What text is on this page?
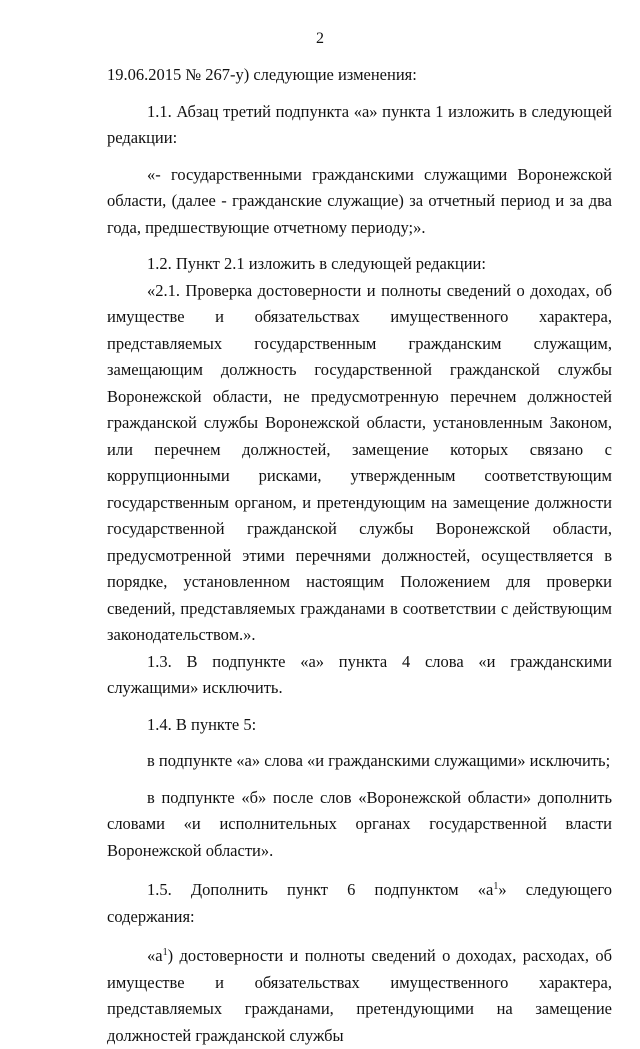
2

19.06.2015 № 267-у) следующие изменения:

1.1. Абзац третий подпункта «а» пункта 1 изложить в следующей редакции:

«- государственными гражданскими служащими Воронежской области, (далее - гражданские служащие) за отчетный период и за два года, предшествующие отчетному периоду;».

1.2. Пункт 2.1 изложить в следующей редакции:

«2.1. Проверка достоверности и полноты сведений о доходах, об имуществе и обязательствах имущественного характера, представляемых государственным гражданским служащим, замещающим должность государственной гражданской службы Воронежской области, не предусмотренную перечнем должностей гражданской службы Воронежской области, установленным Законом, или перечнем должностей, замещение которых связано с коррупционными рисками, утвержденным соответствующим государственным органом, и претендующим на замещение должности государственной гражданской службы Воронежской области, предусмотренной этими перечнями должностей, осуществляется в порядке, установленном настоящим Положением для проверки сведений, представляемых гражданами в соответствии с действующим законодательством.».

1.3. В подпункте «а» пункта 4 слова «и гражданскими служащими» исключить.

1.4. В пункте 5:

в подпункте «а» слова «и гражданскими служащими» исключить;

в подпункте «б» после слов «Воронежской области» дополнить словами «и исполнительных органах государственной власти Воронежской области».

1.5. Дополнить пункт 6 подпунктом «$а^1$» следующего содержания:

«$а^1$) достоверности и полноты сведений о доходах, расходах, об имуществе и обязательствах имущественного характера, представляемых гражданами, претендующими на замещение должностей гражданской службы
